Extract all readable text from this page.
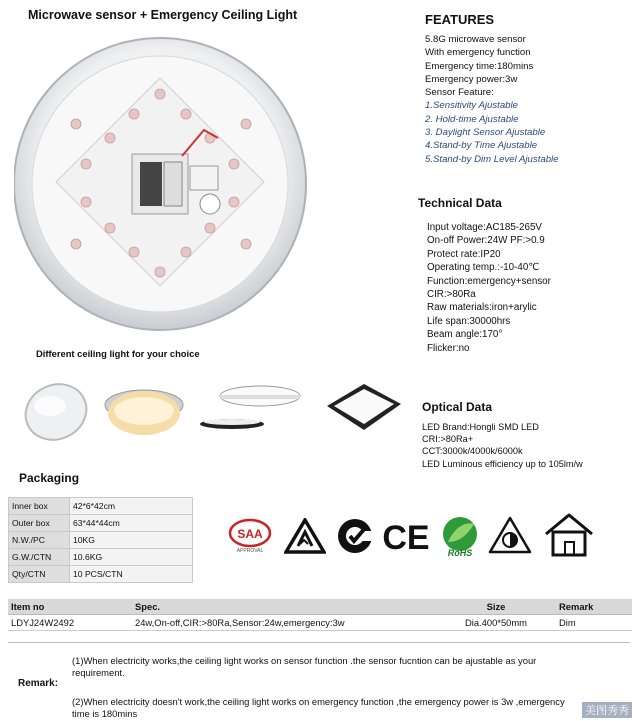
Microwave sensor + Emergency Ceiling Light	FEATURES
5.8G microwave sensor
With emergency function
Emergency time:180mins
Emergency power:3w
Sensor Feature:
1.Sensitivity Ajustable
2. Hold-time Ajustable
3. Daylight Sensor Ajustable
4.Stand-by Time Ajustable
5.Stand-by Dim Level Ajustable
Technical Data
Input voltage:AC185-265V
On-off Power:24W PF:>0.9
Protect rate:IP20
Operating temp.:-10-40℃
Function:emergency+sensor
CIR:>80Ra
Raw materials:iron+arylic
Life span:30000hrs
Beam angle:170°
Flicker:no
Different ceiling light for your choice
Optical Data
LED Brand:Hongli SMD LED
CRI:>80Ra+
CCT:3000k/4000k/6000k
LED Luminous efficiency up to 105lm/w
Packaging
Inner box	42*6*42cm
Outer box	63*44*44cm
N.W./PC	10KG
G.W./CTN	10.6KG
Qty/CTN	10 PCS/CTN
SAA
APPROVAL	CE RoHS
Item no	Spec.	Size	Remark
LDYJ24W2492	24w,On-off,CIR:>80Ra,Sensor:24w,emergency:3w	Dia.400*50mm	Dim
Remark:
(1)When electricity works,the ceiling light works on sensor function .the sensor fucntion can be ajustable as your requirement.
(2)When electricity doesn't work,the ceiling light works on emergency function ,the emergency power is 3w ,emergency time is 180mins	美图秀秀
